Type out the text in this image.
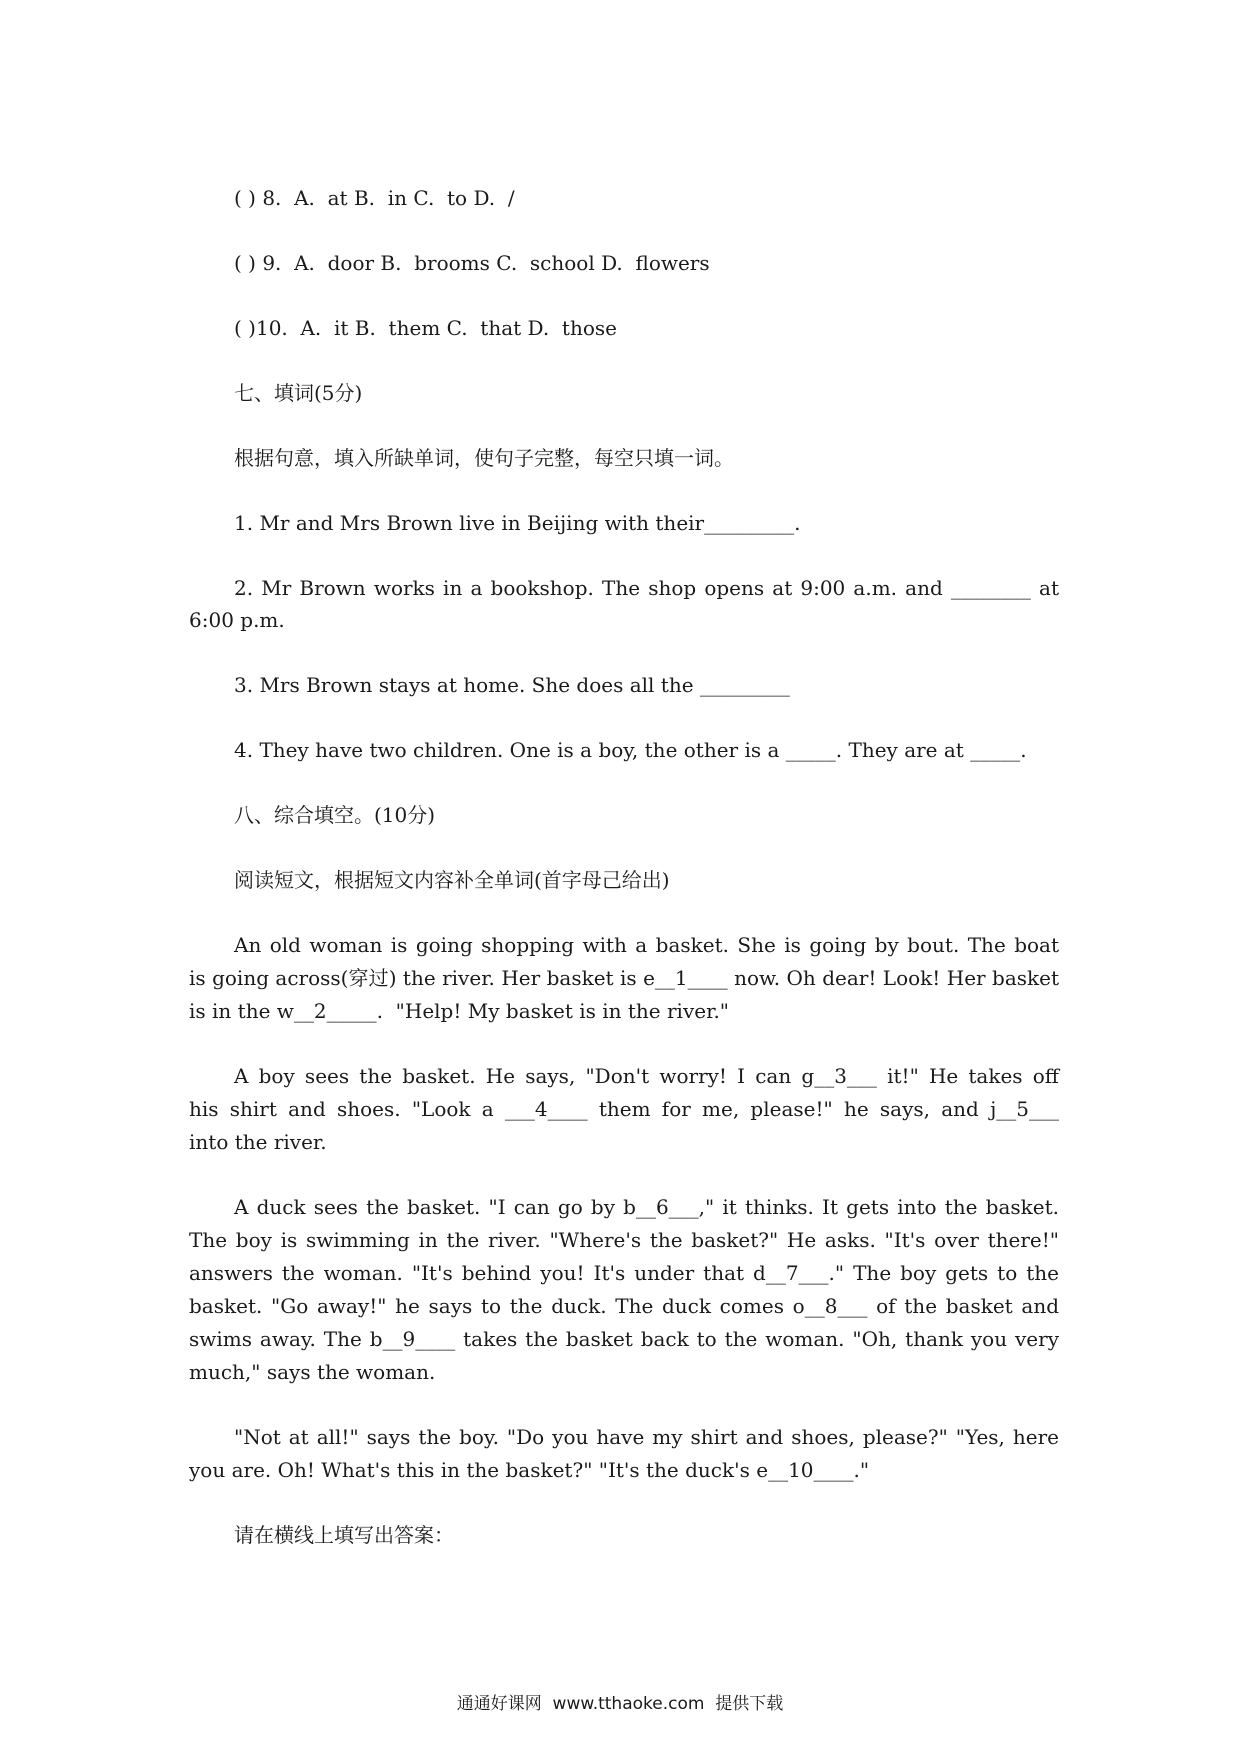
( ) 8.  A.  at B.  in C.  to D.  /
( ) 9.  A.  door B.  brooms C.  school D.  flowers
( )10.  A.  it B.  them C.  that D.  those
七、填词(5分)
根据句意，填入所缺单词，使句子完整，每空只填一词。
1. Mr and Mrs Brown live in Beijing with their_________.
2. Mr Brown works in a bookshop. The shop opens at 9:00 a.m. and ________ at
6:00 p.m.
3. Mrs Brown stays at home. She does all the _________
4. They have two children. One is a boy, the other is a _____. They are at _____.
八、综合填空。(10分)
阅读短文，根据短文内容补全单词(首字母己给出)
An old woman is going shopping with a basket. She is going by bout. The boat
is going across(穿过) the river. Her basket is e__1____ now. Oh dear! Look! Her basket
is in the w__2_____.  "Help! My basket is in the river."
A boy sees the basket. He says, "Don't worry! I can g__3___ it!" He takes off
his shirt and shoes. "Look a ___4____ them for me, please!" he says, and j__5___
into the river.
A duck sees the basket. "I can go by b__6___," it thinks. It gets into the basket.
The boy is swimming in the river. "Where's the basket?" He asks. "It's over there!"
answers the woman. "It's behind you! It's under that d__7___." The boy gets to the
basket. "Go away!" he says to the duck. The duck comes o__8___ of the basket and
swims away. The b__9____ takes the basket back to the woman. "Oh, thank you very
much," says the woman.
"Not at all!" says the boy. "Do you have my shirt and shoes, please?" "Yes, here
you are. Oh! What's this in the basket?" "It's the duck's e__10____."
请在横线上填写出答案：
通通好课网  www.tthaoke.com  提供下载
